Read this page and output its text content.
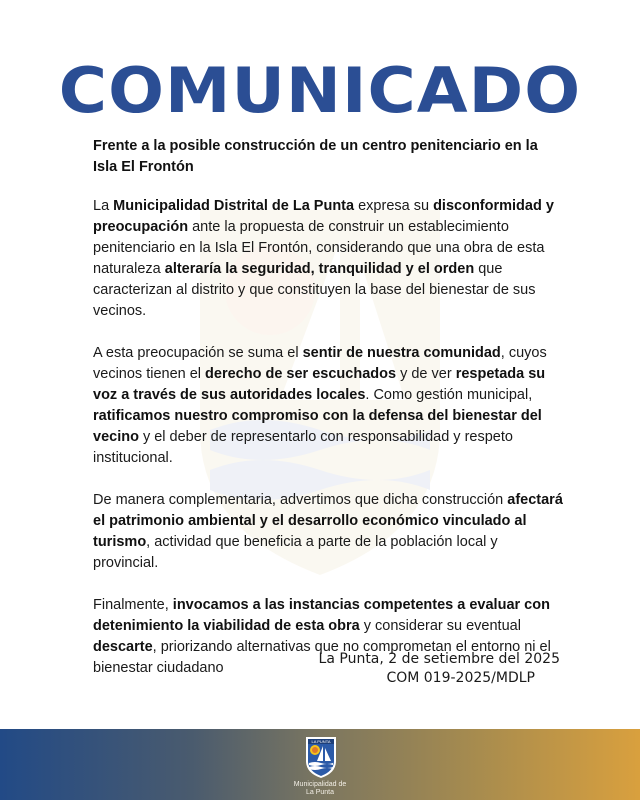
COMUNICADO

Frente a la posible construcción de un centro penitenciario en la Isla El Frontón

La Municipalidad Distrital de La Punta expresa su disconformidad y preocupación ante la propuesta de construir un establecimiento penitenciario en la Isla El Frontón, considerando que una obra de esta naturaleza alteraría la seguridad, tranquilidad y el orden que caracterizan al distrito y que constituyen la base del bienestar de sus vecinos.

A esta preocupación se suma el sentir de nuestra comunidad, cuyos vecinos tienen el derecho de ser escuchados y de ver respetada su voz a través de sus autoridades locales. Como gestión municipal, ratificamos nuestro compromiso con la defensa del bienestar del vecino y el deber de representarlo con responsabilidad y respeto institucional.

De manera complementaria, advertimos que dicha construcción afectará el patrimonio ambiental y el desarrollo económico vinculado al turismo, actividad que beneficia a parte de la población local y provincial.

Finalmente, invocamos a las instancias competentes a evaluar con detenimiento la viabilidad de esta obra y considerar su eventual descarte, priorizando alternativas que no comprometan el entorno ni el bienestar ciudadano

La Punta, 2 de setiembre del 2025

COM 019-2025/MDLP
LA PUNTA
Municipalidad de
La Punta
